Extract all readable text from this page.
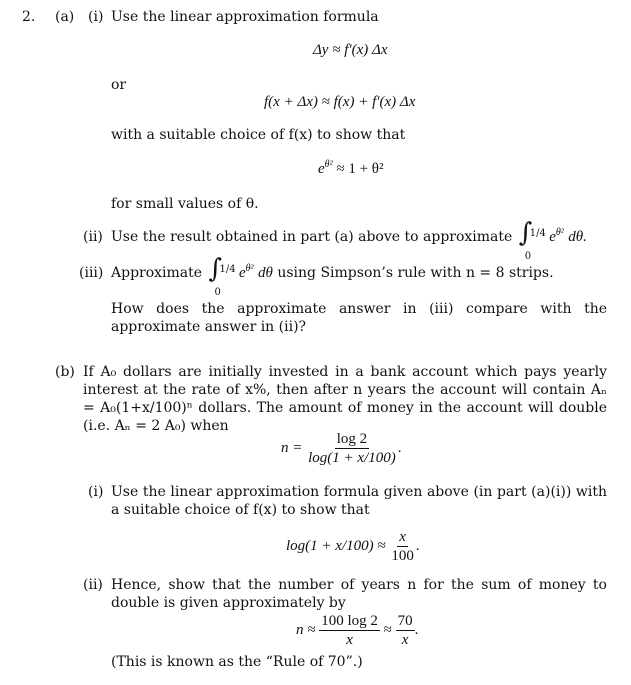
2. (a) (i) Use the linear approximation formula
Δy ≈ f′(x) Δx
or
f(x + Δx) ≈ f(x) + f′(x) Δx
with a suitable choice of f(x) to show that
$e^{\theta^2} \approx 1 + \theta^2$
for small values of θ.
(ii) Use the result obtained in part (a) above to approximate ∫
1/4
0
$e^{\theta^2}$ dθ.
(iii) Approximate ∫
1/4
0
$e^{\theta^2}$ dθ using Simpson’s rule with n = 8 strips.
How does the approximate answer in (iii) compare with the approximate answer in (ii)?
(b) If A₀ dollars are initially invested in a bank account which pays yearly interest at the rate of x%, then after n years the account will contain Aₙ = A₀(1+x/100)ⁿ dollars. The amount of money in the account will double (i.e. Aₙ = 2 A₀) when
$n = \frac{\log 2}{\log(1 + x/100)}$ .
(i) Use the linear approximation formula given above (in part (a)(i)) with a suitable choice of f(x) to show that
$\log(1 + x/100) \approx \frac{x}{100}$ .
(ii) Hence, show that the number of years n for the sum of money to double is given approximately by
$n \approx \frac{100 \log 2}{x} \approx \frac{70}{x}$ .
(This is known as the “Rule of 70”.)
